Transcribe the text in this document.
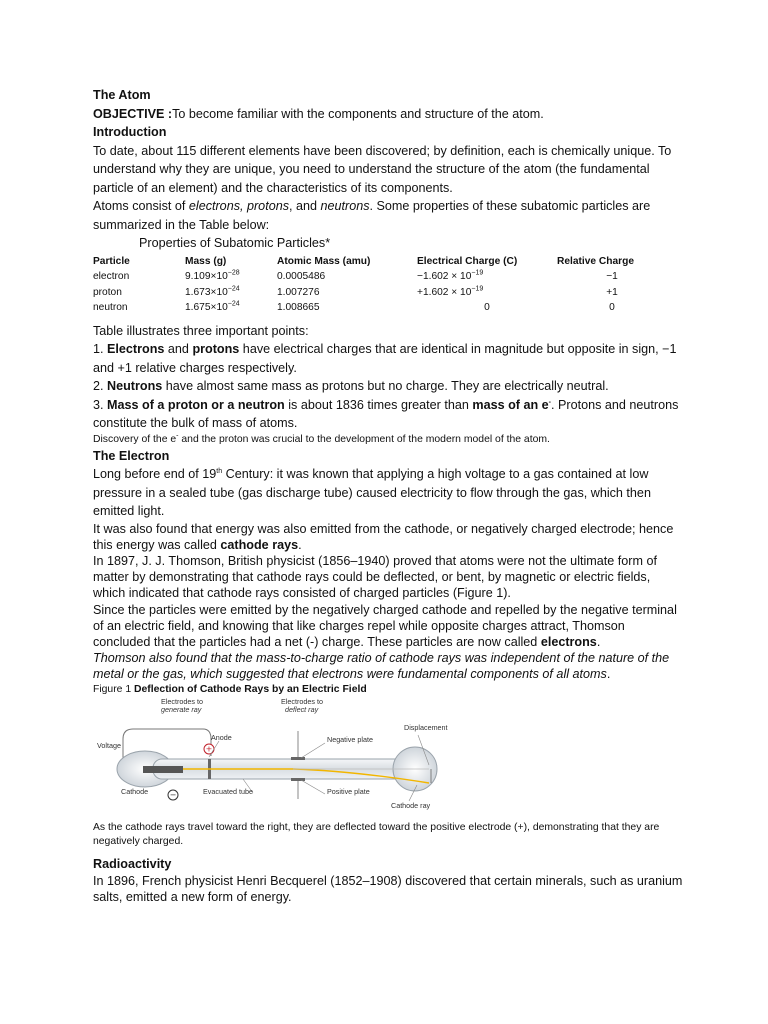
The Atom

OBJECTIVE :To become familiar with the components and structure of the atom.

Introduction

To date, about 115 different elements have been discovered; by definition, each is chemically unique. To understand why they are unique, you need to understand the structure of the atom (the fundamental particle of an element) and the characteristics of its components.

Atoms consist of electrons, protons, and neutrons. Some properties of these subatomic particles are summarized in the Table below:

Properties of Subatomic Particles*

Particle	Mass (g)	Atomic Mass (amu)	Electrical Charge (C)	Relative Charge
electron	$9.109\times 10^{-28}$	0.0005486	$-1.602 \times 10^{-19}$	−1
proton	$1.673\times 10^{-24}$	1.007276	$+1.602 \times 10^{-19}$	+1
neutron	$1.675\times 10^{-24}$	1.008665	0	0

Table illustrates three important points:

1. Electrons and protons have electrical charges that are identical in magnitude but opposite in sign, −1 and +1 relative charges respectively.

2. Neutrons have almost same mass as protons but no charge. They are electrically neutral.

3. Mass of a proton or a neutron is about 1836 times greater than mass of an e-. Protons and neutrons constitute the bulk of mass of atoms.

Discovery of the e- and the proton was crucial to the development of the modern model of the atom.

The Electron

Long before end of 19th Century: it was known that applying a high voltage to a gas contained at low pressure in a sealed tube (gas discharge tube) caused electricity to flow through the gas, which then emitted light.

It was also found that energy was also emitted from the cathode, or negatively charged electrode; hence this energy was called cathode rays.

In 1897, J. J. Thomson, British physicist (1856–1940) proved that atoms were not the ultimate form of matter by demonstrating that cathode rays could be deflected, or bent, by magnetic or electric fields, which indicated that cathode rays consisted of charged particles (Figure 1).

Since the particles were emitted by the negatively charged cathode and repelled by the negative terminal of an electric field, and knowing that like charges repel while opposite charges attract, Thomson concluded that the particles had a net (-) charge. These particles are now called electrons.

Thomson also found that the mass-to-charge ratio of cathode rays was independent of the nature of the metal or the gas, which suggested that electrons were fundamental components of all atoms.

Figure 1 Deflection of Cathode Rays by an Electric Field

+
−
Electrodes to
generate ray
Electrodes to
deflect ray
Displacement
Voltage
Anode	Negative plate
Cathode	Evacuated tube	Positive plate
Cathode ray

As the cathode rays travel toward the right, they are deflected toward the positive electrode (+), demonstrating that they are negatively charged.

Radioactivity

In 1896, French physicist Henri Becquerel (1852–1908) discovered that certain minerals, such as uranium salts, emitted a new form of energy.
